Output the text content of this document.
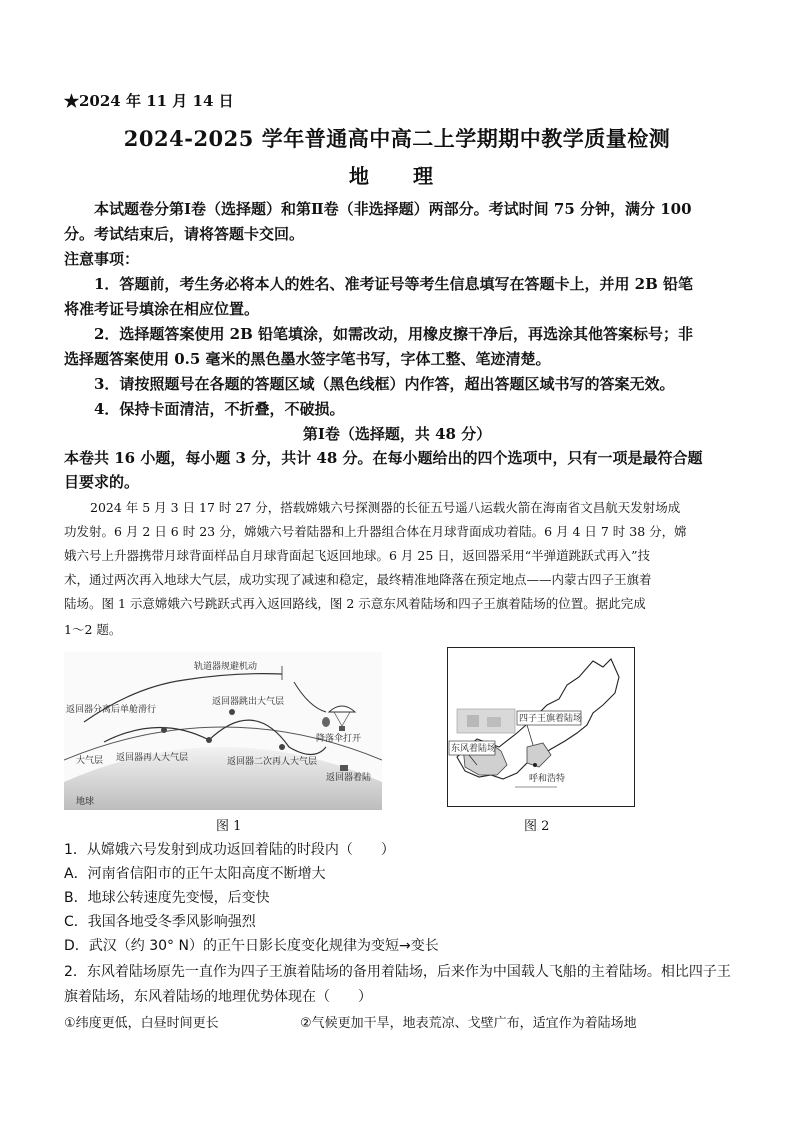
★2024 年 11 月 14 日
2024-2025 学年普通高中高二上学期期中教学质量检测
地　理
本试题卷分第Ⅰ卷（选择题）和第Ⅱ卷（非选择题）两部分。考试时间 75 分钟，满分 100
分。考试结束后，请将答题卡交回。
注意事项：
1．答题前，考生务必将本人的姓名、准考证号等考生信息填写在答题卡上，并用 2B 铅笔
将准考证号填涂在相应位置。
2．选择题答案使用 2B 铅笔填涂，如需改动，用橡皮擦干净后，再选涂其他答案标号；非
选择题答案使用 0.5 毫米的黑色墨水签字笔书写，字体工整、笔迹清楚。
3．请按照题号在各题的答题区域（黑色线框）内作答，超出答题区域书写的答案无效。
4．保持卡面清洁，不折叠，不破损。
第Ⅰ卷（选择题，共 48 分）
本卷共 16 小题，每小题 3 分，共计 48 分。在每小题给出的四个选项中，只有一项是最符合题
目要求的。
2024 年 5 月 3 日 17 时 27 分，搭载嫦娥六号探测器的长征五号遥八运载火箭在海南省文昌航天发射场成
功发射。6 月 2 日 6 时 23 分，嫦娥六号着陆器和上升器组合体在月球背面成功着陆。6 月 4 日 7 时 38 分，嫦
娥六号上升器携带月球背面样品自月球背面起飞返回地球。6 月 25 日，返回器采用“半弹道跳跃式再入”技
术，通过两次再入地球大气层，成功实现了减速和稳定，最终精准地降落在预定地点——内蒙古四子王旗着
陆场。图 1 示意嫦娥六号跳跃式再入返回路线，图 2 示意东风着陆场和四子王旗着陆场的位置。据此完成
1～2 题。
轨道器规避机动
返回器分离后单舱滑行
返回器跳出大气层
降落伞打开
大气层 返回器再人大气层	返回器二次再人大气层
返回器着陆
地球
图 1
四子王旗着陆场
东风着陆场
呼和浩特
图 2
1．从嫦娥六号发射到成功返回着陆的时段内（　　）
A．河南省信阳市的正午太阳高度不断增大
B．地球公转速度先变慢，后变快
C．我国各地受冬季风影响强烈
D．武汉（约 30° N）的正午日影长度变化规律为变短→变长
2．东风着陆场原先一直作为四子王旗着陆场的备用着陆场，后来作为中国载人飞船的主着陆场。相比四子王
旗着陆场，东风着陆场的地理优势体现在（　　）
①纬度更低，白昼时间更长	②气候更加干旱，地表荒凉、戈壁广布，适宜作为着陆场地
